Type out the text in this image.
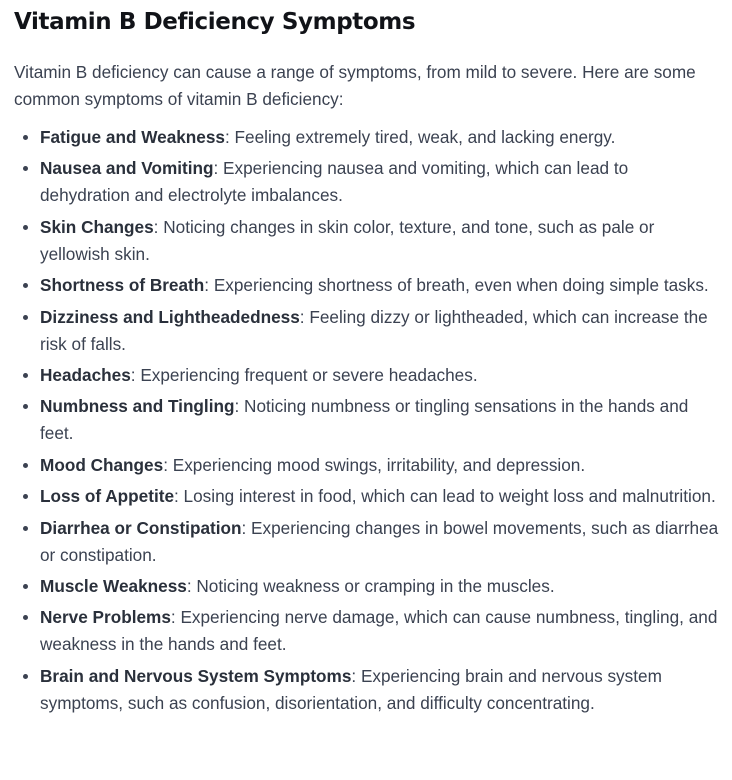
Vitamin B Deficiency Symptoms

Vitamin B deficiency can cause a range of symptoms, from mild to severe. Here are some common symptoms of vitamin B deficiency:

Fatigue and Weakness: Feeling extremely tired, weak, and lacking energy.
Nausea and Vomiting: Experiencing nausea and vomiting, which can lead to dehydration and electrolyte imbalances.
Skin Changes: Noticing changes in skin color, texture, and tone, such as pale or yellowish skin.
Shortness of Breath: Experiencing shortness of breath, even when doing simple tasks.
Dizziness and Lightheadedness: Feeling dizzy or lightheaded, which can increase the risk of falls.
Headaches: Experiencing frequent or severe headaches.
Numbness and Tingling: Noticing numbness or tingling sensations in the hands and feet.
Mood Changes: Experiencing mood swings, irritability, and depression.
Loss of Appetite: Losing interest in food, which can lead to weight loss and malnutrition.
Diarrhea or Constipation: Experiencing changes in bowel movements, such as diarrhea or constipation.
Muscle Weakness: Noticing weakness or cramping in the muscles.
Nerve Problems: Experiencing nerve damage, which can cause numbness, tingling, and weakness in the hands and feet.
Brain and Nervous System Symptoms: Experiencing brain and nervous system symptoms, such as confusion, disorientation, and difficulty concentrating.
